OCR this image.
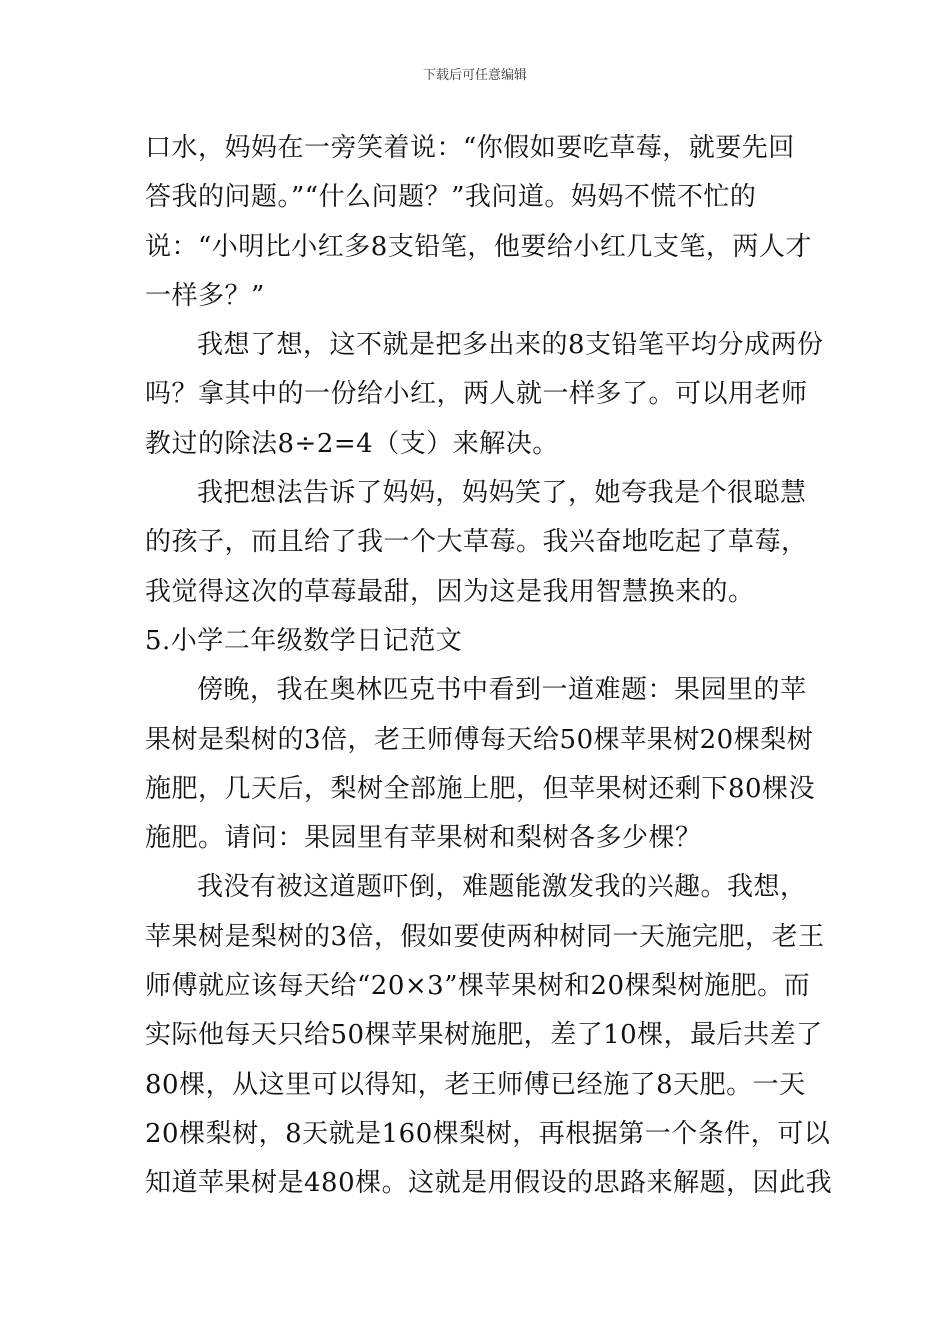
下载后可任意编辑
口水，妈妈在一旁笑着说：“你假如要吃草莓，就要先回
答我的问题。”“什么问题？”我问道。妈妈不慌不忙的
说：“小明比小红多8支铅笔，他要给小红几支笔，两人才
一样多？”
我想了想，这不就是把多出来的8支铅笔平均分成两份
吗？拿其中的一份给小红，两人就一样多了。可以用老师
教过的除法8÷2=4（支）来解决。
我把想法告诉了妈妈，妈妈笑了，她夸我是个很聪慧
的孩子，而且给了我一个大草莓。我兴奋地吃起了草莓，
我觉得这次的草莓最甜，因为这是我用智慧换来的。
5.小学二年级数学日记范文
傍晚，我在奥林匹克书中看到一道难题：果园里的苹
果树是梨树的3倍，老王师傅每天给50棵苹果树20棵梨树
施肥，几天后，梨树全部施上肥，但苹果树还剩下80棵没
施肥。请问：果园里有苹果树和梨树各多少棵？
我没有被这道题吓倒，难题能激发我的兴趣。我想，
苹果树是梨树的3倍，假如要使两种树同一天施完肥，老王
师傅就应该每天给“20×3”棵苹果树和20棵梨树施肥。而
实际他每天只给50棵苹果树施肥，差了10棵，最后共差了
80棵，从这里可以得知，老王师傅已经施了8天肥。一天
20棵梨树，8天就是160棵梨树，再根据第一个条件，可以
知道苹果树是480棵。这就是用假设的思路来解题，因此我
